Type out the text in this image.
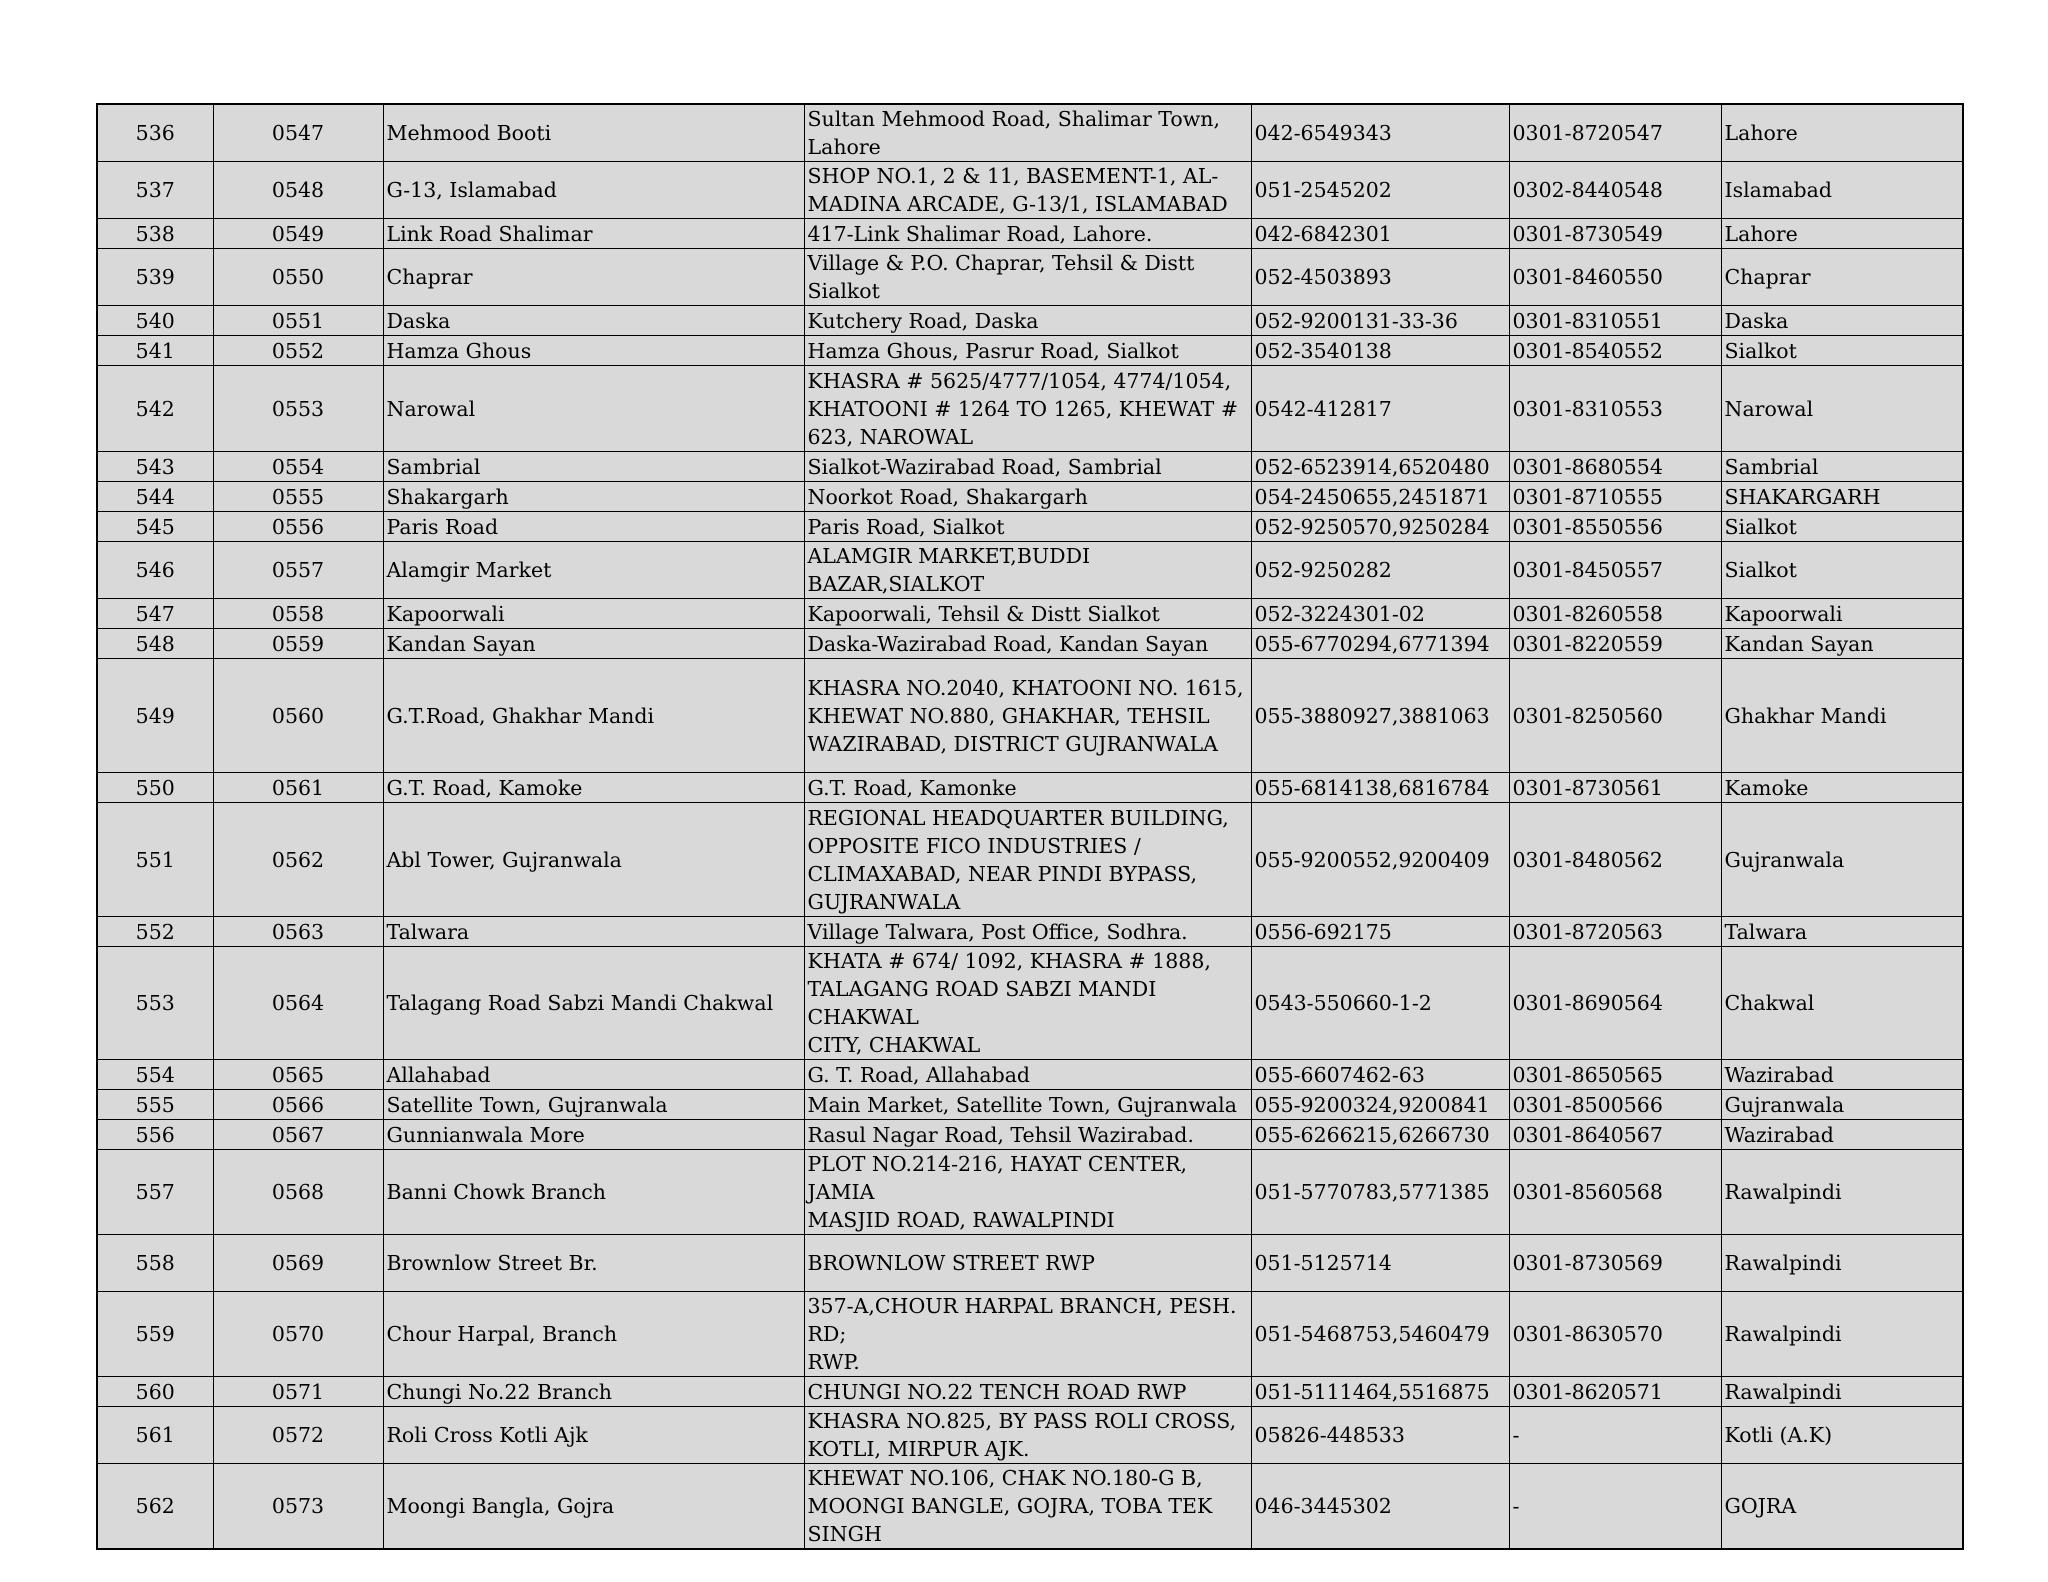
536	0547	Mehmood Booti	Sultan Mehmood Road, Shalimar Town,
Lahore	042-6549343	0301-8720547	Lahore
537	0548	G-13, Islamabad	SHOP NO.1, 2 & 11, BASEMENT-1, AL-
MADINA ARCADE, G-13/1, ISLAMABAD	051-2545202	0302-8440548	Islamabad
538	0549	Link Road Shalimar	417-Link Shalimar Road, Lahore.	042-6842301	0301-8730549	Lahore
539	0550	Chaprar	Village & P.O. Chaprar, Tehsil & Distt Sialkot	052-4503893	0301-8460550	Chaprar
540	0551	Daska	Kutchery Road, Daska	052-9200131-33-36	0301-8310551	Daska
541	0552	Hamza Ghous	Hamza Ghous, Pasrur Road, Sialkot	052-3540138	0301-8540552	Sialkot
542	0553	Narowal	KHASRA # 5625/4777/1054, 4774/1054,
KHATOONI # 1264 TO 1265, KHEWAT #
623, NAROWAL	0542-412817	0301-8310553	Narowal
543	0554	Sambrial	Sialkot-Wazirabad Road, Sambrial	052-6523914,6520480	0301-8680554	Sambrial
544	0555	Shakargarh	Noorkot Road, Shakargarh	054-2450655,2451871	0301-8710555	SHAKARGARH
545	0556	Paris Road	Paris Road, Sialkot	052-9250570,9250284	0301-8550556	Sialkot
546	0557	Alamgir Market	ALAMGIR MARKET,BUDDI BAZAR,SIALKOT	052-9250282	0301-8450557	Sialkot
547	0558	Kapoorwali	Kapoorwali, Tehsil & Distt Sialkot	052-3224301-02	0301-8260558	Kapoorwali
548	0559	Kandan Sayan	Daska-Wazirabad Road, Kandan Sayan	055-6770294,6771394	0301-8220559	Kandan Sayan
549	0560	G.T.Road, Ghakhar Mandi	KHASRA NO.2040, KHATOONI NO. 1615,
KHEWAT NO.880, GHAKHAR, TEHSIL
WAZIRABAD, DISTRICT GUJRANWALA	055-3880927,3881063	0301-8250560	Ghakhar Mandi
550	0561	G.T. Road, Kamoke	G.T. Road, Kamonke	055-6814138,6816784	0301-8730561	Kamoke
551	0562	Abl Tower, Gujranwala	REGIONAL HEADQUARTER BUILDING,
OPPOSITE FICO INDUSTRIES /
CLIMAXABAD, NEAR PINDI BYPASS,
GUJRANWALA	055-9200552,9200409	0301-8480562	Gujranwala
552	0563	Talwara	Village Talwara, Post Office, Sodhra.	0556-692175	0301-8720563	Talwara
553	0564	Talagang Road Sabzi Mandi Chakwal	KHATA # 674/ 1092, KHASRA # 1888,
TALAGANG ROAD SABZI MANDI CHAKWAL
CITY, CHAKWAL	0543-550660-1-2	0301-8690564	Chakwal
554	0565	Allahabad	G. T. Road, Allahabad	055-6607462-63	0301-8650565	Wazirabad
555	0566	Satellite Town, Gujranwala	Main Market, Satellite Town, Gujranwala	055-9200324,9200841	0301-8500566	Gujranwala
556	0567	Gunnianwala More	Rasul Nagar Road, Tehsil Wazirabad.	055-6266215,6266730	0301-8640567	Wazirabad
557	0568	Banni Chowk Branch	PLOT NO.214-216, HAYAT CENTER, JAMIA
MASJID ROAD, RAWALPINDI	051-5770783,5771385	0301-8560568	Rawalpindi
558	0569	Brownlow Street Br.	BROWNLOW STREET RWP	051-5125714	0301-8730569	Rawalpindi
559	0570	Chour Harpal, Branch	357-A,CHOUR HARPAL BRANCH, PESH. RD;
RWP.	051-5468753,5460479	0301-8630570	Rawalpindi
560	0571	Chungi No.22 Branch	CHUNGI NO.22 TENCH ROAD RWP	051-5111464,5516875	0301-8620571	Rawalpindi
561	0572	Roli Cross Kotli Ajk	KHASRA NO.825, BY PASS ROLI CROSS,
KOTLI, MIRPUR AJK.	05826-448533	-	Kotli (A.K)
562	0573	Moongi Bangla, Gojra	KHEWAT NO.106, CHAK NO.180-G B,
MOONGI BANGLE, GOJRA, TOBA TEK SINGH	046-3445302	-	GOJRA
